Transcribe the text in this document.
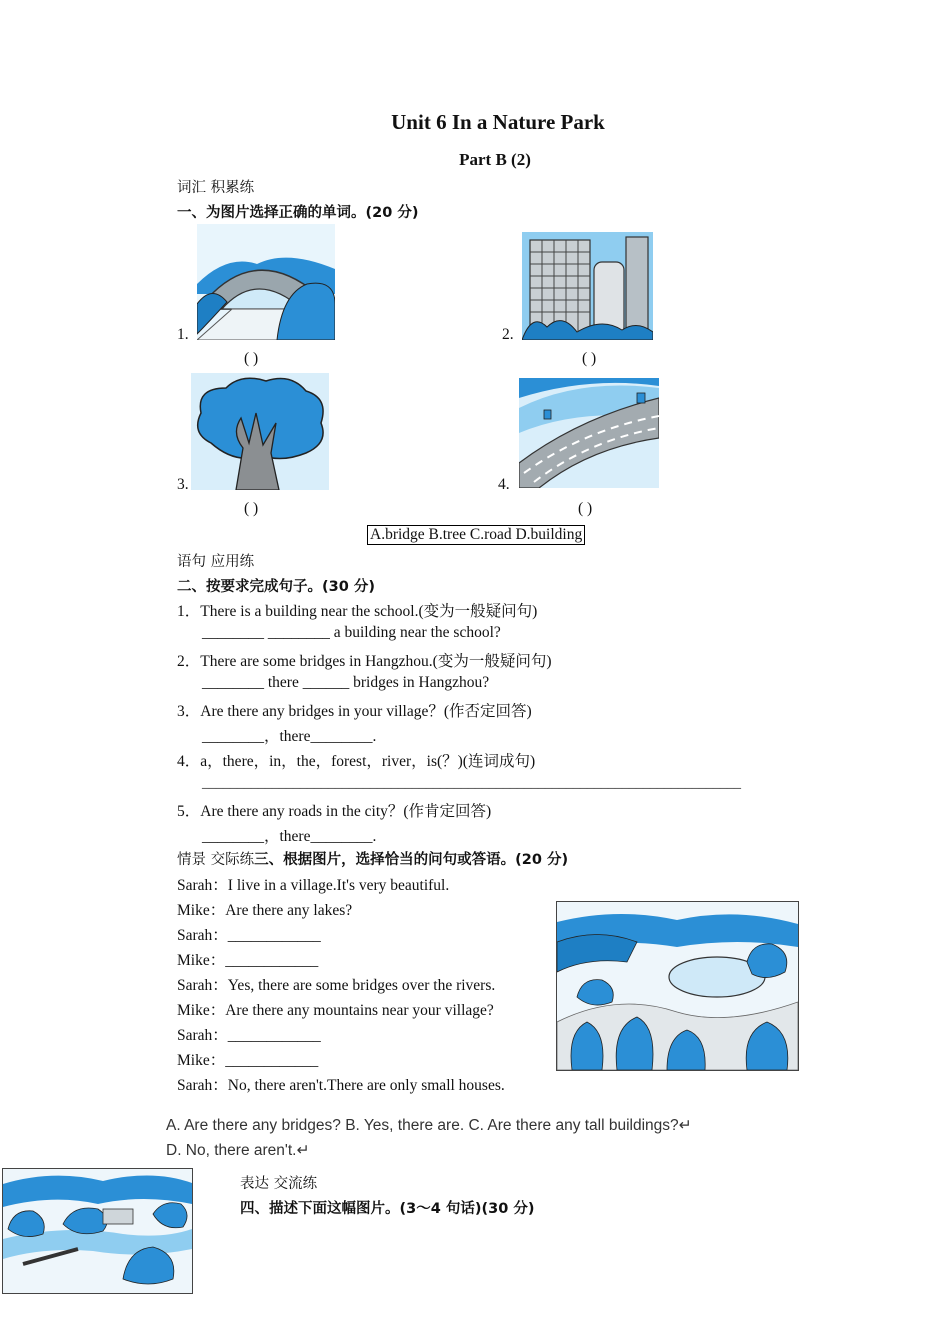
Unit 6 In a Nature Park
Part B (2)
词汇 积累练
一、为图片选择正确的单词。(20 分)
1.
( )
2.
( )
3.
( )
4.
( )
A.bridge B.tree C.road D.building
语句 应用练
二、按要求完成句子。(30 分)
1．There is a building near the school.(变为一般疑问句)
________ ________ a building near the school?
2．There are some bridges in Hangzhou.(变为一般疑问句)
________ there ______ bridges in Hangzhou?
3．Are there any bridges in your village？(作否定回答)
________，there________.
4．a，there，in，the，forest，river，is(？)(连词成句)
_____________________________________________________________________________
5．Are there any roads in the city？(作肯定回答)
________，there________.
情景 交际练三、根据图片，选择恰当的问句或答语。(20 分)
Sarah：I live in a village.It's very beautiful.
Mike：Are there any lakes?
Sarah：____________
Mike：____________
Sarah：Yes, there are some bridges over the rivers.
Mike：Are there any mountains near your village?
Sarah：____________
Mike：____________
Sarah：No, there aren't.There are only small houses.
A. Are there any bridges? B. Yes, there are. C. Are there any tall buildings?↵
D. No, there aren't.↵
表达 交流练
四、描述下面这幅图片。(3～4 句话)(30 分)
